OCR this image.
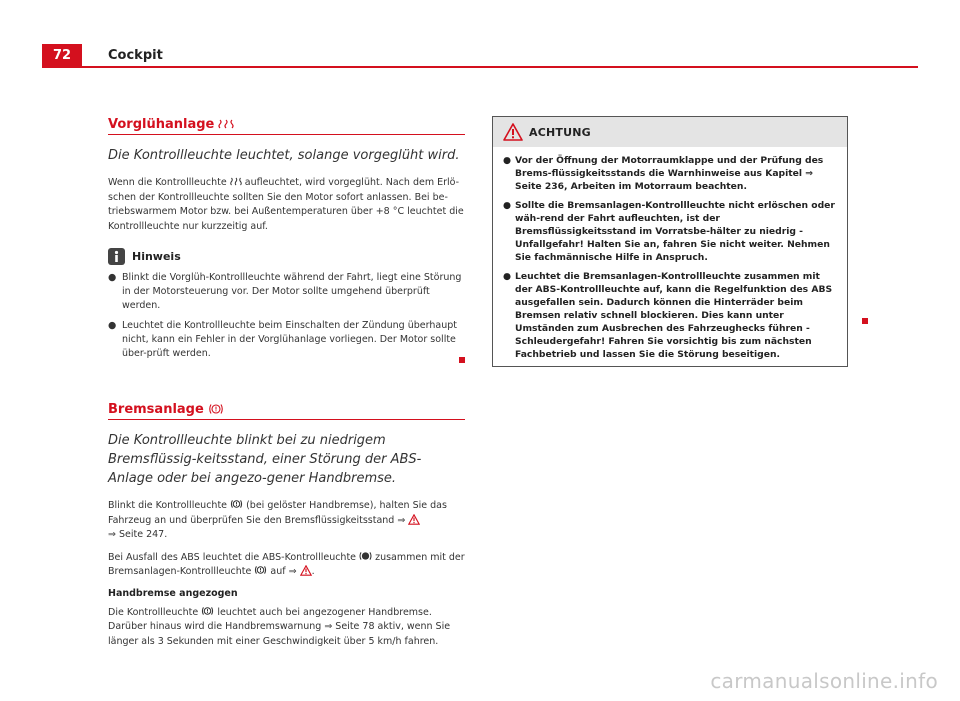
72	Cockpit
Vorglühanlage
Die Kontrollleuchte leuchtet, solange vorgeglüht wird.

Wenn die Kontrollleuchte aufleuchtet, wird vorgeglüht. Nach dem Erlö-schen der Kontrollleuchte sollten Sie den Motor sofort anlassen. Bei be-triebswarmem Motor bzw. bei Außentemperaturen über +8 °C leuchtet die Kontrollleuchte nur kurzzeitig auf.

Hinweis
● Blinkt die Vorglüh-Kontrollleuchte während der Fahrt, liegt eine Störung in der Motorsteuerung vor. Der Motor sollte umgehend überprüft werden.
● Leuchtet die Kontrollleuchte beim Einschalten der Zündung überhaupt nicht, kann ein Fehler in der Vorglühanlage vorliegen. Der Motor sollte über-prüft werden.
Bremsanlage
Die Kontrollleuchte blinkt bei zu niedrigem Bremsflüssig-keitsstand, einer Störung der ABS-Anlage oder bei angezo-gener Handbremse.

Blinkt die Kontrollleuchte (bei gelöster Handbremse), halten Sie das Fahrzeug an und überprüfen Sie den Bremsflüssigkeitsstand ⇒
⇒ Seite 247.

Bei Ausfall des ABS leuchtet die ABS-Kontrollleuchte zusammen mit der Bremsanlagen-Kontrollleuchte auf ⇒ .

Handbremse angezogen

Die Kontrollleuchte leuchtet auch bei angezogener Handbremse. Darüber hinaus wird die Handbremswarnung ⇒ Seite 78 aktiv, wenn Sie länger als 3 Sekunden mit einer Geschwindigkeit über 5 km/h fahren.

ACHTUNG
● Vor der Öffnung der Motorraumklappe und der Prüfung des Brems-flüssigkeitsstands die Warnhinweise aus Kapitel ⇒ Seite 236, Arbeiten im Motorraum beachten.
● Sollte die Bremsanlagen-Kontrollleuchte nicht erlöschen oder wäh-rend der Fahrt aufleuchten, ist der Bremsflüssigkeitsstand im Vorratsbe-hälter zu niedrig - Unfallgefahr! Halten Sie an, fahren Sie nicht weiter. Nehmen Sie fachmännische Hilfe in Anspruch.
● Leuchtet die Bremsanlagen-Kontrollleuchte zusammen mit der ABS-Kontrollleuchte auf, kann die Regelfunktion des ABS ausgefallen sein. Dadurch können die Hinterräder beim Bremsen relativ schnell blockieren. Dies kann unter Umständen zum Ausbrechen des Fahrzeughecks führen - Schleudergefahr! Fahren Sie vorsichtig bis zum nächsten Fachbetrieb und lassen Sie die Störung beseitigen.
carmanualsonline.info
